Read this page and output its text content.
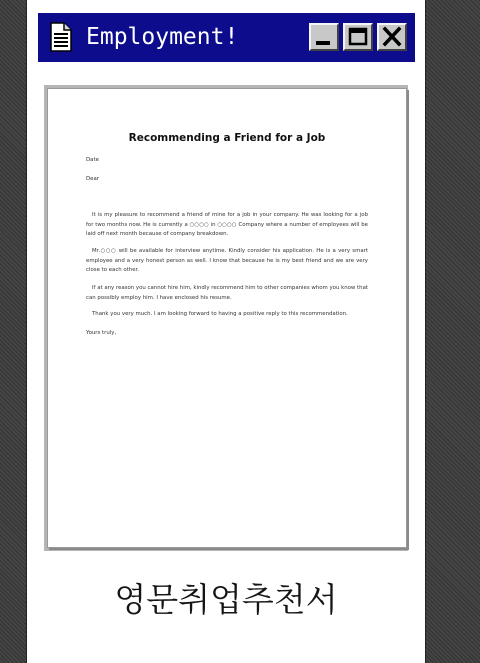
Employment!
Recommending a Friend for a Job
Date
Dear
It is my pleasure to recommend a friend of mine for a job in your company. He was looking for a job for two months now. He is currently a ○○○○ in ○○○○ Company where a number of employees will be laid off next month because of company breakdown.
Mr.○○○ will be available for interview anytime. Kindly consider his application. He is a very smart employee and a very honest person as well. I know that because he is my best friend and we are very close to each other.
If at any reason you cannot hire him, kindly recommend him to other companies whom you know that can possibly employ him. I have enclosed his resume.
Thank you very much. I am looking forward to having a positive reply to this recommendation.
Yours truly,
영문취업추천서
